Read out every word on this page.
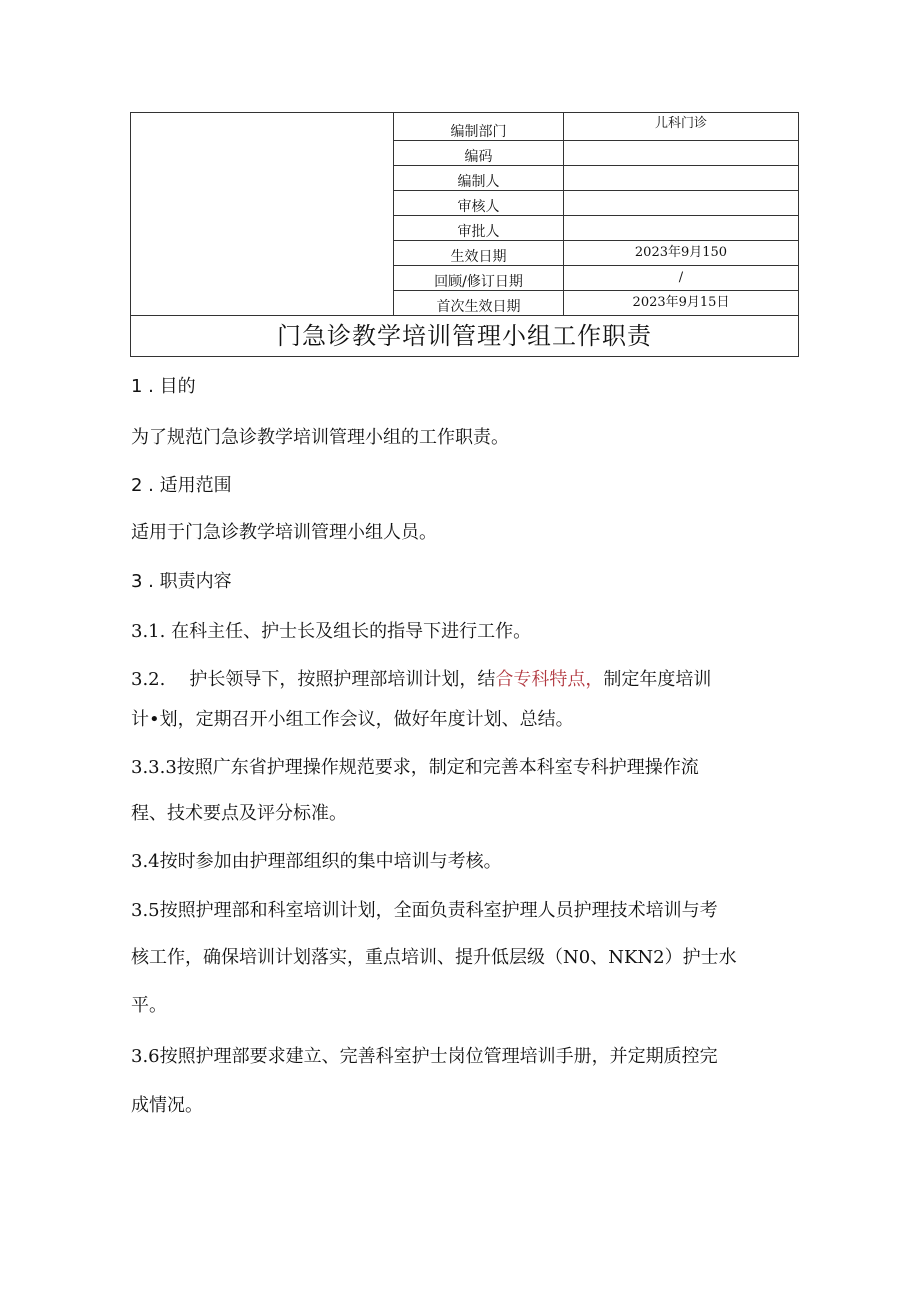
	编制部门	儿科门诊
	编码	
	编制人	
	审核人	
	审批人	
	生效日期	2023年9月150
	回顾/修订日期	/
	首次生效日期	2023年9月15日
门急诊教学培训管理小组工作职责		
1 . 目的
为了规范门急诊教学培训管理小组的工作职责。
2 . 适用范围
适用于门急诊教学培训管理小组人员。
3 . 职责内容
3.1. 在科主任、护士长及组长的指导下进行工作。
3.2. 护长领导下，按照护理部培训计划，结合专科特点，制定年度培训
计•划，定期召开小组工作会议，做好年度计划、总结。
3.3.3按照广东省护理操作规范要求，制定和完善本科室专科护理操作流
程、技术要点及评分标准。
3.4按时参加由护理部组织的集中培训与考核。
3.5按照护理部和科室培训计划，全面负责科室护理人员护理技术培训与考
核工作，确保培训计划落实，重点培训、提升低层级（N0、NKN2）护士水
平。
3.6按照护理部要求建立、完善科室护士岗位管理培训手册，并定期质控完
成情况。
